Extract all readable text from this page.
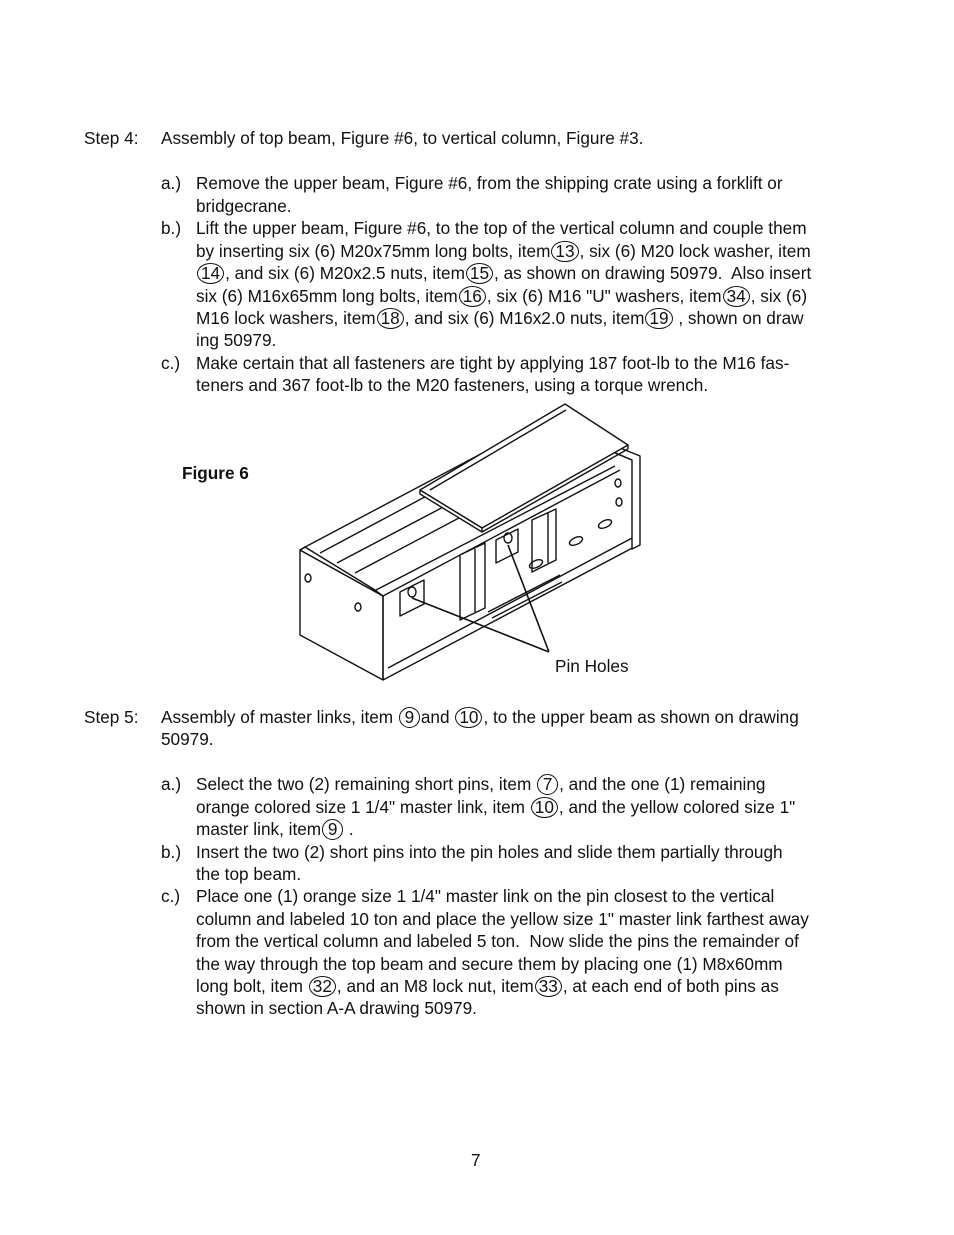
Step 4: Assembly of top beam, Figure #6, to vertical column, Figure #3.
a.) Remove the upper beam, Figure #6, from the shipping crate using a forklift or
bridgecrane.
b.) Lift the upper beam, Figure #6, to the top of the vertical column and couple them
by inserting six (6) M20x75mm long bolts, item 13 , six (6) M20 lock washer, item
14 , and six (6) M20x2.5 nuts, item 15 , as shown on drawing 50979.  Also insert
six (6) M16x65mm long bolts, item 16 , six (6) M16 "U" washers, item 34 , six (6)
M16 lock washers, item 18 , and six (6) M16x2.0 nuts, item 19 , shown on draw
ing 50979.
c.) Make certain that all fasteners are tight by applying 187 foot-lb to the M16 fas-
teners and 367 foot-lb to the M20 fasteners, using a torque wrench.
Figure 6
Pin Holes
Step 5: Assembly of master links, item 9 and 10 , to the upper beam as shown on drawing
50979.
a.) Select the two (2) remaining short pins, item 7 , and the one (1) remaining
orange colored size 1 1/4" master link, item 10 , and the yellow colored size 1"
master link, item 9 .
b.) Insert the two (2) short pins into the pin holes and slide them partially through
the top beam.
c.) Place one (1) orange size 1 1/4" master link on the pin closest to the vertical
column and labeled 10 ton and place the yellow size 1" master link farthest away
from the vertical column and labeled 5 ton.  Now slide the pins the remainder of
the way through the top beam and secure them by placing one (1) M8x60mm
long bolt, item 32 , and an M8 lock nut, item 33 , at each end of both pins as
shown in section A-A drawing 50979.
7
